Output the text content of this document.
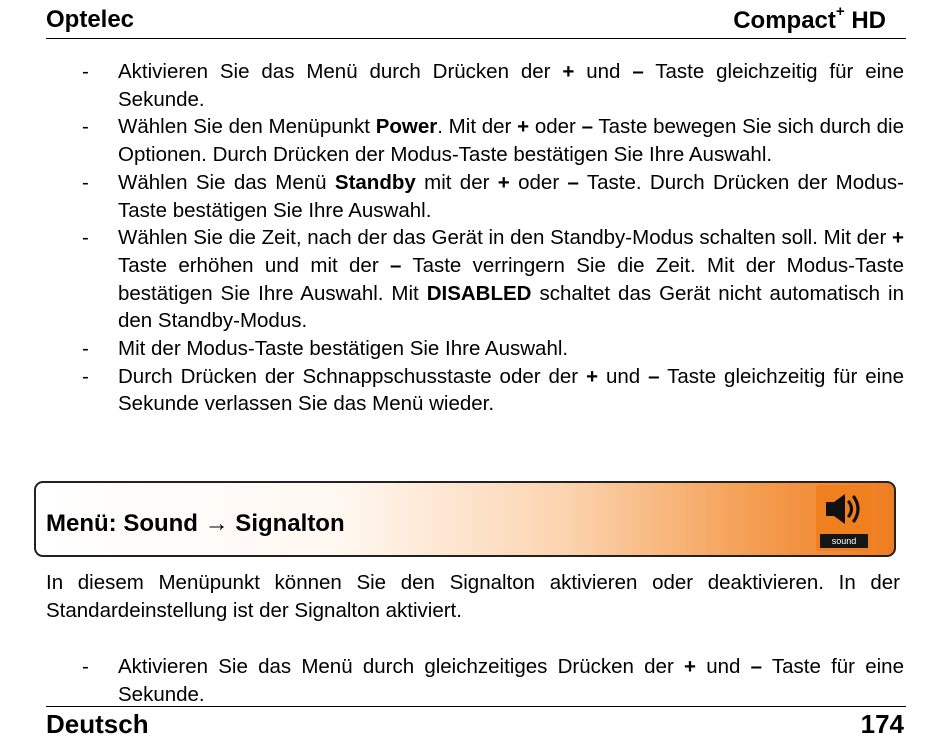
Optelec	Compact+ HD
- Aktivieren Sie das Menü durch Drücken der + und – Taste gleichzeitig für eine Sekunde.
- Wählen Sie den Menüpunkt Power. Mit der + oder – Taste bewegen Sie sich durch die Optionen. Durch Drücken der Modus-Taste bestätigen Sie Ihre Auswahl.
- Wählen Sie das Menü Standby mit der + oder – Taste. Durch Drücken der Modus-Taste bestätigen Sie Ihre Auswahl.
- Wählen Sie die Zeit, nach der das Gerät in den Standby-Modus schalten soll. Mit der + Taste erhöhen und mit der – Taste verringern Sie die Zeit. Mit der Modus-Taste bestätigen Sie Ihre Auswahl. Mit DISABLED schaltet das Gerät nicht automatisch in den Standby-Modus.
- Mit der Modus-Taste bestätigen Sie Ihre Auswahl.
- Durch Drücken der Schnappschusstaste oder der + und – Taste gleichzeitig für eine Sekunde verlassen Sie das Menü wieder.
Menü: Sound → Signalton
sound
In diesem Menüpunkt können Sie den Signalton aktivieren oder deaktivieren. In der Standardeinstellung ist der Signalton aktiviert.
- Aktivieren Sie das Menü durch gleichzeitiges Drücken der + und – Taste für eine Sekunde.
Deutsch	174
